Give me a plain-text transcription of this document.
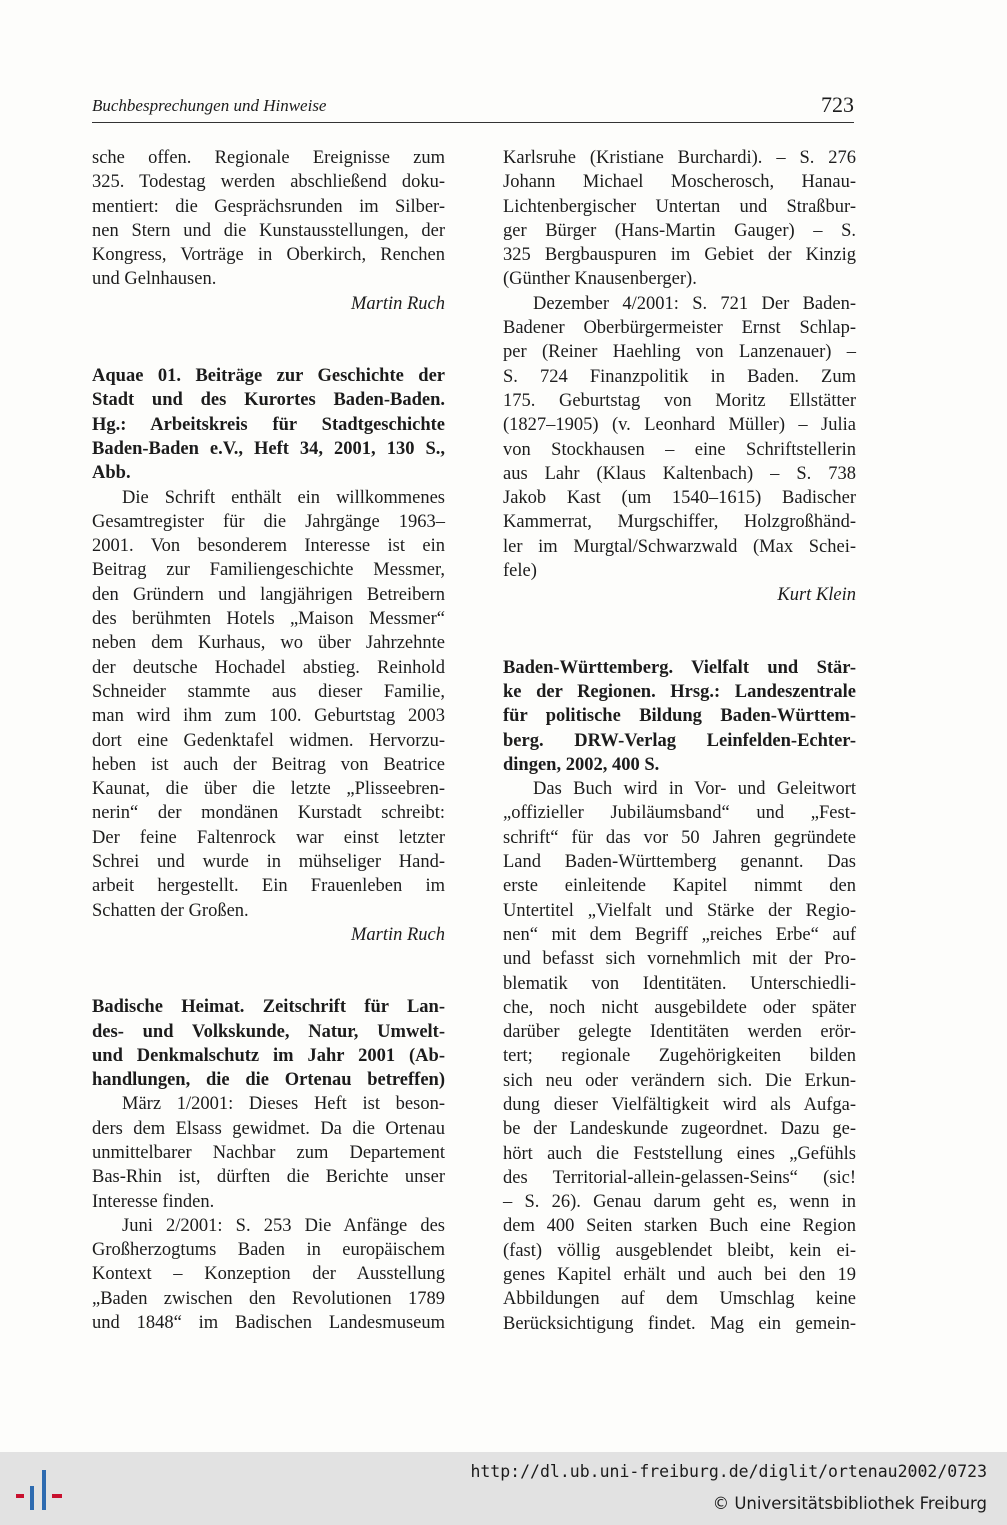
Buchbesprechungen und Hinweise	723
sche offen. Regionale Ereignisse zum
325. Todestag werden abschließend doku-
mentiert: die Gesprächsrunden im Silber-
nen Stern und die Kunstausstellungen, der
Kongress, Vorträge in Oberkirch, Renchen
und Gelnhausen.
Martin Ruch
Aquae 01. Beiträge zur Geschichte der
Stadt und des Kurortes Baden-Baden.
Hg.: Arbeitskreis für Stadtgeschichte
Baden-Baden e.V., Heft 34, 2001, 130 S.,
Abb.
Die Schrift enthält ein willkommenes
Gesamtregister für die Jahrgänge 1963–
2001. Von besonderem Interesse ist ein
Beitrag zur Familiengeschichte Messmer,
den Gründern und langjährigen Betreibern
des berühmten Hotels „Maison Messmer“
neben dem Kurhaus, wo über Jahrzehnte
der deutsche Hochadel abstieg. Reinhold
Schneider stammte aus dieser Familie,
man wird ihm zum 100. Geburtstag 2003
dort eine Gedenktafel widmen. Hervorzu-
heben ist auch der Beitrag von Beatrice
Kaunat, die über die letzte „Plisseebren-
nerin“ der mondänen Kurstadt schreibt:
Der feine Faltenrock war einst letzter
Schrei und wurde in mühseliger Hand-
arbeit hergestellt. Ein Frauenleben im
Schatten der Großen.
Martin Ruch
Badische Heimat. Zeitschrift für Lan-
des- und Volkskunde, Natur, Umwelt-
und Denkmalschutz im Jahr 2001 (Ab-
handlungen, die die Ortenau betreffen)
März 1/2001: Dieses Heft ist beson-
ders dem Elsass gewidmet. Da die Ortenau
unmittelbarer Nachbar zum Departement
Bas-Rhin ist, dürften die Berichte unser
Interesse finden.
Juni 2/2001: S. 253 Die Anfänge des
Großherzogtums Baden in europäischem
Kontext – Konzeption der Ausstellung
„Baden zwischen den Revolutionen 1789
und 1848“ im Badischen Landesmuseum
Karlsruhe (Kristiane Burchardi). – S. 276
Johann Michael Moscherosch, Hanau-
Lichtenbergischer Untertan und Straßbur-
ger Bürger (Hans-Martin Gauger) – S.
325 Bergbauspuren im Gebiet der Kinzig
(Günther Knausenberger).
Dezember 4/2001: S. 721 Der Baden-
Badener Oberbürgermeister Ernst Schlap-
per (Reiner Haehling von Lanzenauer) –
S. 724 Finanzpolitik in Baden. Zum
175. Geburtstag von Moritz Ellstätter
(1827–1905) (v. Leonhard Müller) – Julia
von Stockhausen – eine Schriftstellerin
aus Lahr (Klaus Kaltenbach) – S. 738
Jakob Kast (um 1540–1615) Badischer
Kammerrat, Murgschiffer, Holzgroßhänd-
ler im Murgtal/Schwarzwald (Max Schei-
fele)
Kurt Klein
Baden-Württemberg. Vielfalt und Stär-
ke der Regionen. Hrsg.: Landeszentrale
für politische Bildung Baden-Württem-
berg. DRW-Verlag Leinfelden-Echter-
dingen, 2002, 400 S.
Das Buch wird in Vor- und Geleitwort
„offizieller Jubiläumsband“ und „Fest-
schrift“ für das vor 50 Jahren gegründete
Land Baden-Württemberg genannt. Das
erste einleitende Kapitel nimmt den
Untertitel „Vielfalt und Stärke der Regio-
nen“ mit dem Begriff „reiches Erbe“ auf
und befasst sich vornehmlich mit der Pro-
blematik von Identitäten. Unterschiedli-
che, noch nicht ausgebildete oder später
darüber gelegte Identitäten werden erör-
tert; regionale Zugehörigkeiten bilden
sich neu oder verändern sich. Die Erkun-
dung dieser Vielfältigkeit wird als Aufga-
be der Landeskunde zugeordnet. Dazu ge-
hört auch die Feststellung eines „Gefühls
des Territorial-allein-gelassen-Seins“ (sic!
– S. 26). Genau darum geht es, wenn in
dem 400 Seiten starken Buch eine Region
(fast) völlig ausgeblendet bleibt, kein ei-
genes Kapitel erhält und auch bei den 19
Abbildungen auf dem Umschlag keine
Berücksichtigung findet. Mag ein gemein-
http://dl.ub.uni-freiburg.de/diglit/ortenau2002/0723
© Universitätsbibliothek Freiburg
